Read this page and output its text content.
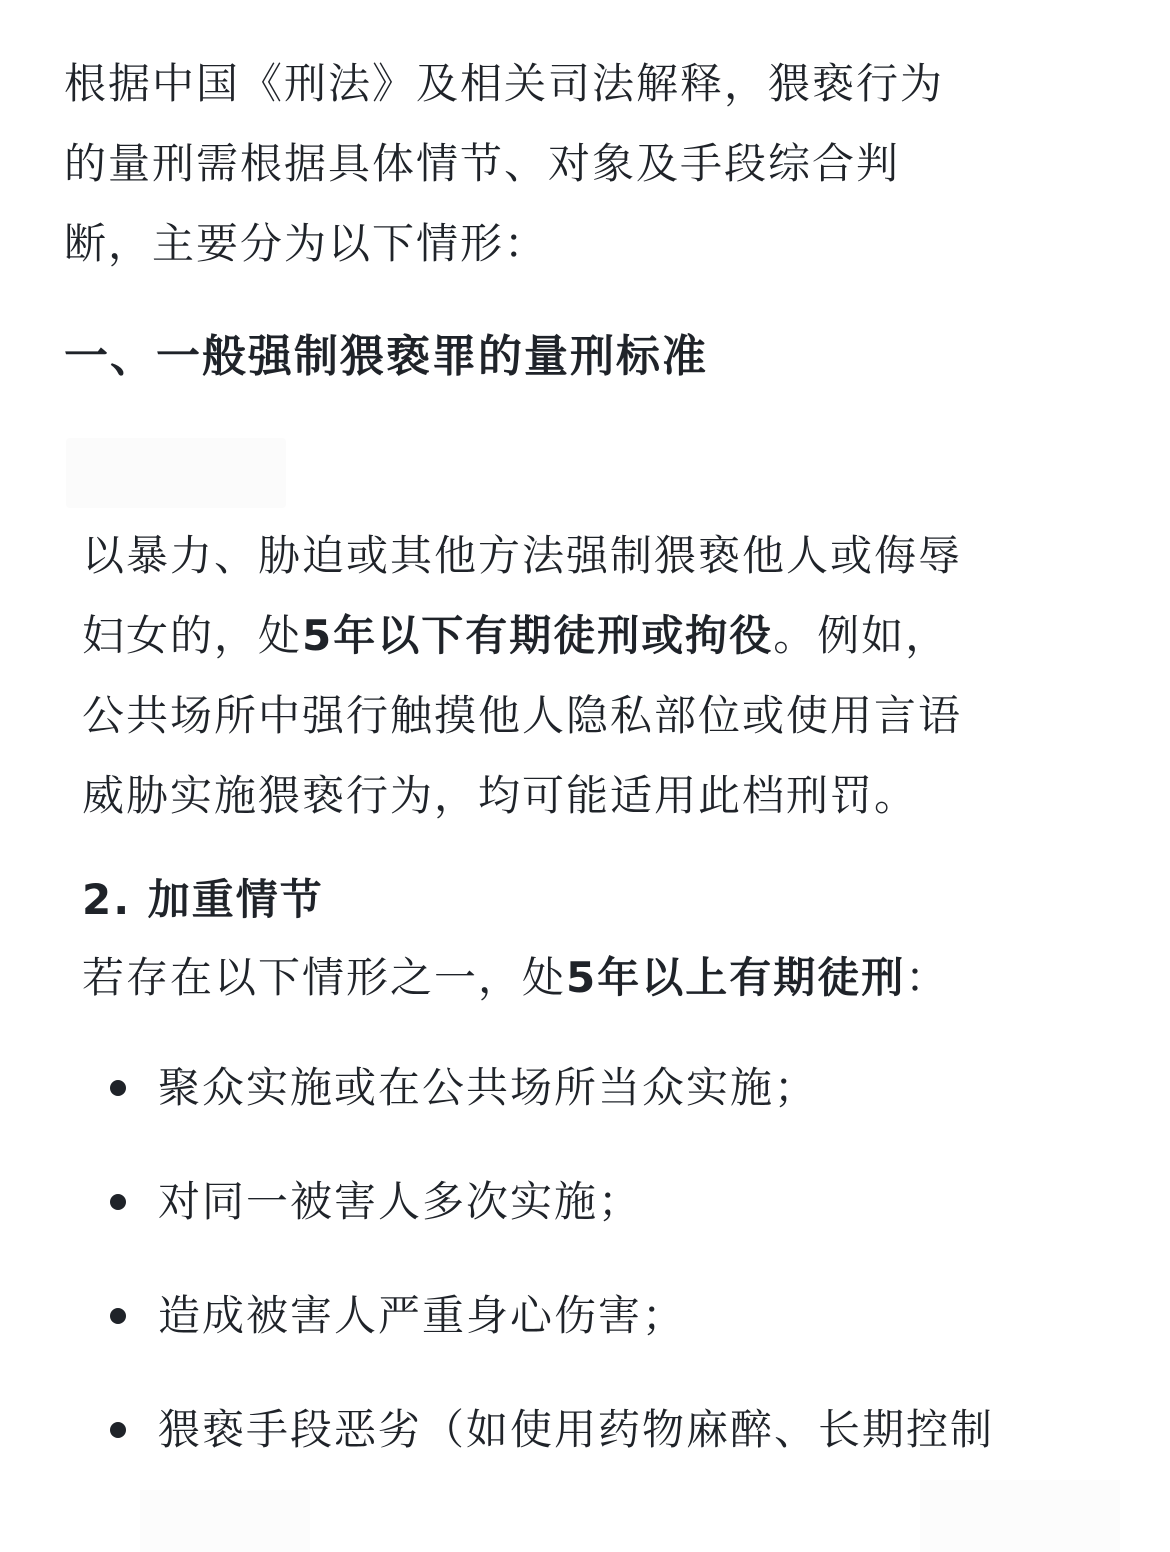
根据中国《刑法》及相关司法解释，猥亵行为
的量刑需根据具体情节、对象及手段综合判
断，主要分为以下情形：
一、一般强制猥亵罪的量刑标准
以暴力、胁迫或其他方法强制猥亵他人或侮辱
妇女的，处5年以下有期徒刑或拘役。例如，
公共场所中强行触摸他人隐私部位或使用言语
威胁实施猥亵行为，均可能适用此档刑罚。
2. 加重情节
若存在以下情形之一，处5年以上有期徒刑：
聚众实施或在公共场所当众实施；
对同一被害人多次实施；
造成被害人严重身心伤害；
猥亵手段恶劣（如使用药物麻醉、长期控制
